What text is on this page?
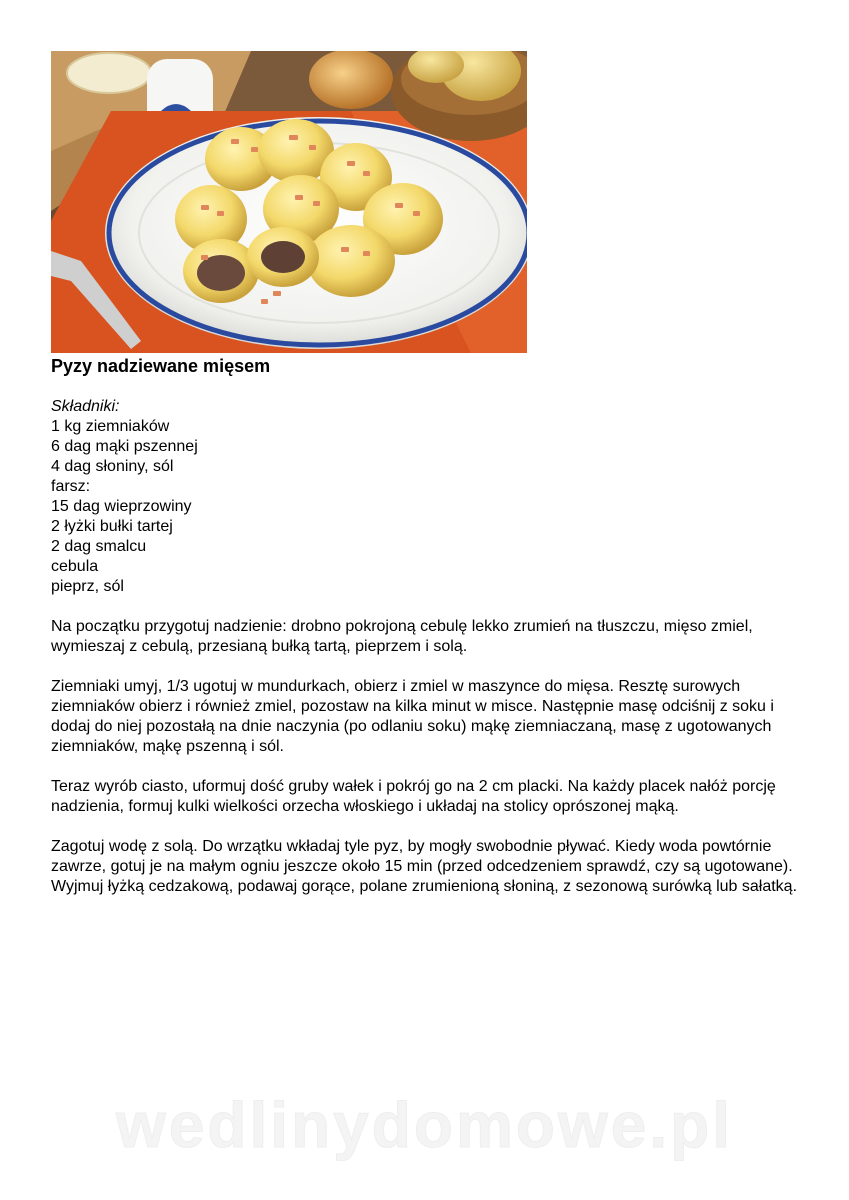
Pyzy nadziewane mięsem

Składniki:

1 kg ziemniaków
6 dag mąki pszennej
4 dag słoniny, sól
farsz:
15 dag wieprzowiny
2 łyżki bułki tartej
2 dag smalcu
cebula
pieprz, sól

Na początku przygotuj nadzienie: drobno pokrojoną cebulę lekko zrumień na tłuszczu, mięso zmiel, wymieszaj z cebulą, przesianą bułką tartą, pieprzem i solą.

Ziemniaki umyj, 1/3 ugotuj w mundurkach, obierz i zmiel w maszynce do mięsa. Resztę surowych ziemniaków obierz i również zmiel, pozostaw na kilka minut w misce. Następnie masę odciśnij z soku i dodaj do niej pozostałą na dnie naczynia (po odlaniu soku) mąkę ziemniaczaną, masę z ugotowanych ziemniaków, mąkę pszenną i sól.

Teraz wyrób ciasto, uformuj dość gruby wałek i pokrój go na 2 cm placki. Na każdy placek nałóż porcję nadzienia, formuj kulki wielkości orzecha włoskiego i układaj na stolicy oprószonej mąką.

Zagotuj wodę z solą. Do wrzątku wkładaj tyle pyz, by mogły swobodnie pływać. Kiedy woda powtórnie zawrze, gotuj je na małym ogniu jeszcze około 15 min (przed odcedzeniem sprawdź, czy są ugotowane). Wyjmuj łyżką cedzakową, podawaj gorące, polane zrumienioną słoniną, z sezonową surówką lub sałatką.

wedlinydomowe.pl
